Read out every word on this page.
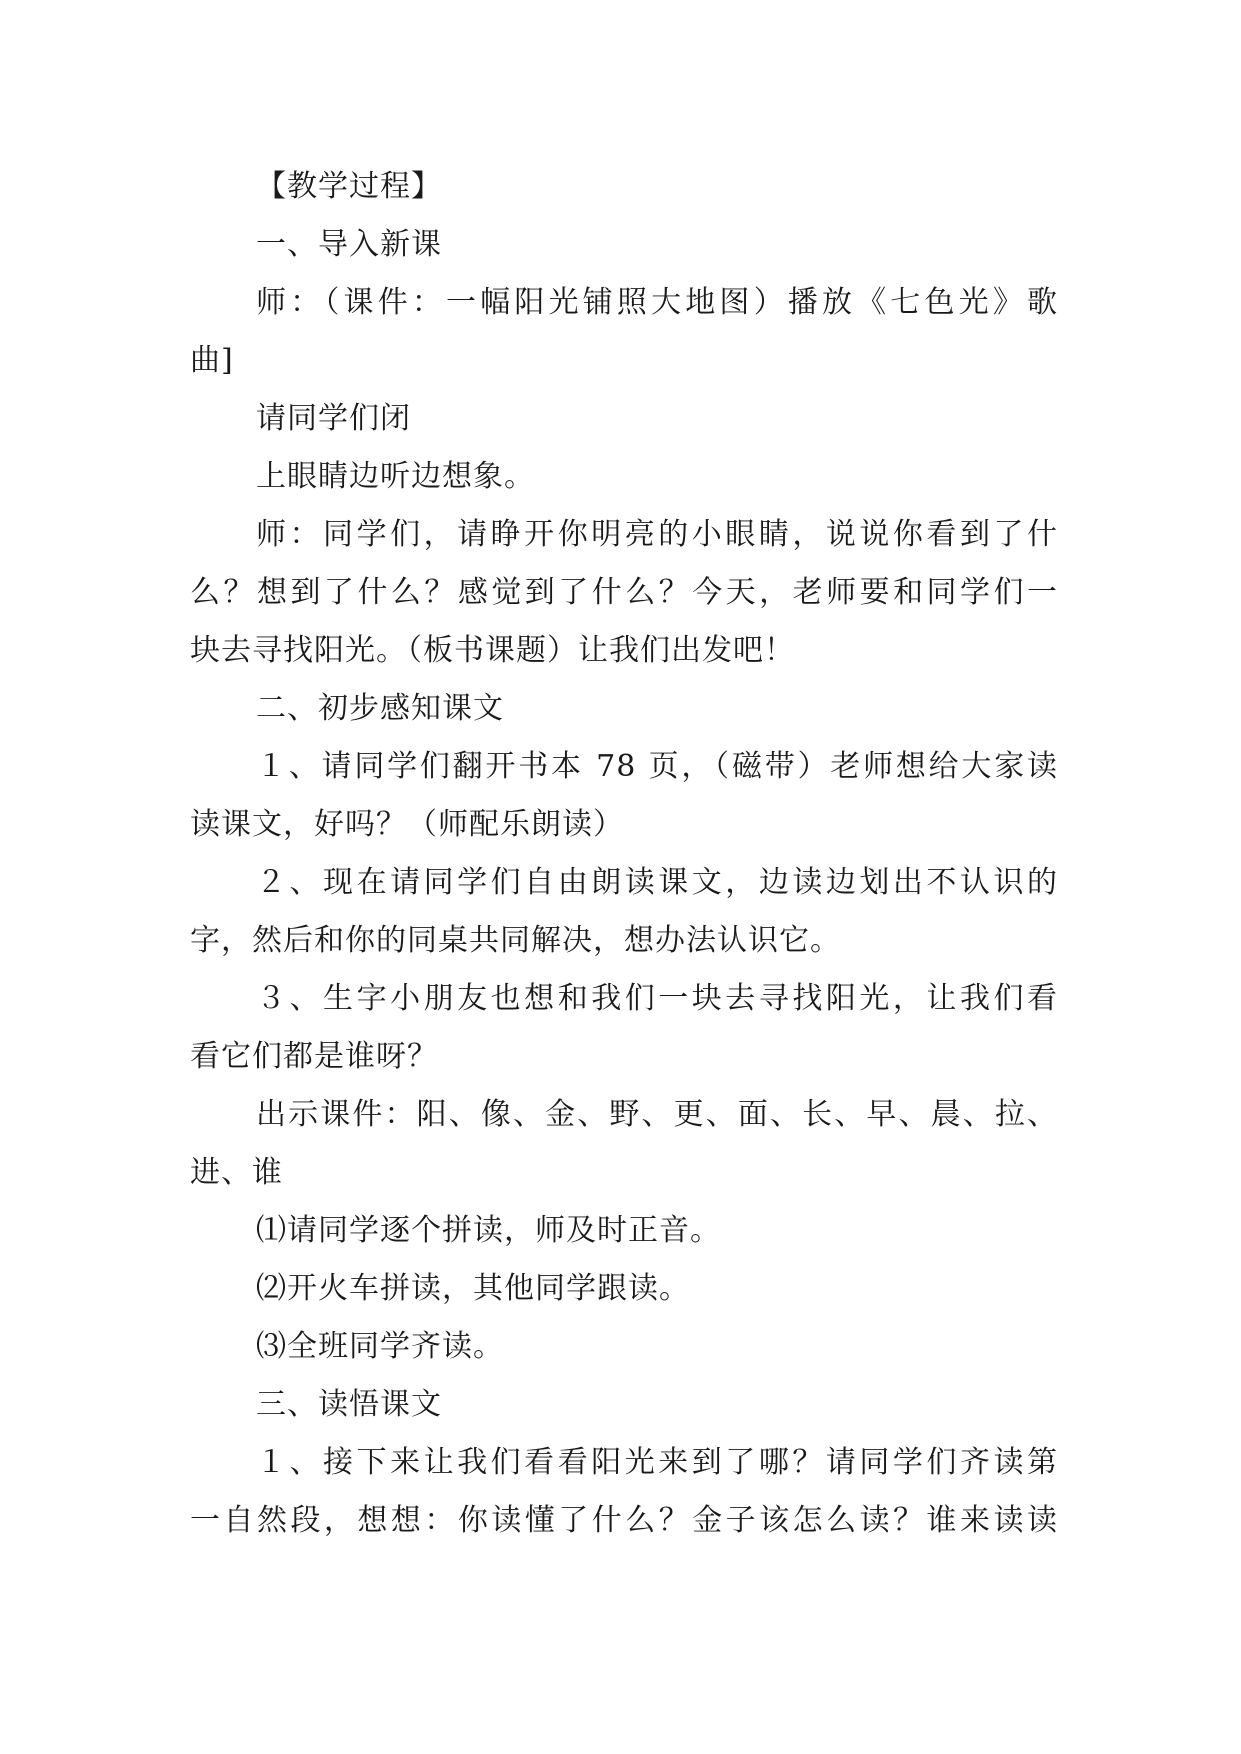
【教学过程】
一、导入新课
师：（课件：一幅阳光铺照大地图）播放《七色光》歌
曲]
请同学们闭
上眼睛边听边想象。
师：同学们，请睁开你明亮的小眼睛，说说你看到了什
么？想到了什么？感觉到了什么？今天，老师要和同学们一
块去寻找阳光。（板书课题）让我们出发吧！
二、初步感知课文
１、请同学们翻开书本 78 页，（磁带）老师想给大家读
读课文，好吗？（师配乐朗读）
２、现在请同学们自由朗读课文，边读边划出不认识的
字，然后和你的同桌共同解决，想办法认识它。
３、生字小朋友也想和我们一块去寻找阳光，让我们看
看它们都是谁呀？
出示课件：阳、像、金、野、更、面、长、早、晨、拉、
进、谁
⑴请同学逐个拼读，师及时正音。
⑵开火车拼读，其他同学跟读。
⑶全班同学齐读。
三、读悟课文
１、接下来让我们看看阳光来到了哪？请同学们齐读第
一自然段，想想：你读懂了什么？金子该怎么读？谁来读读
